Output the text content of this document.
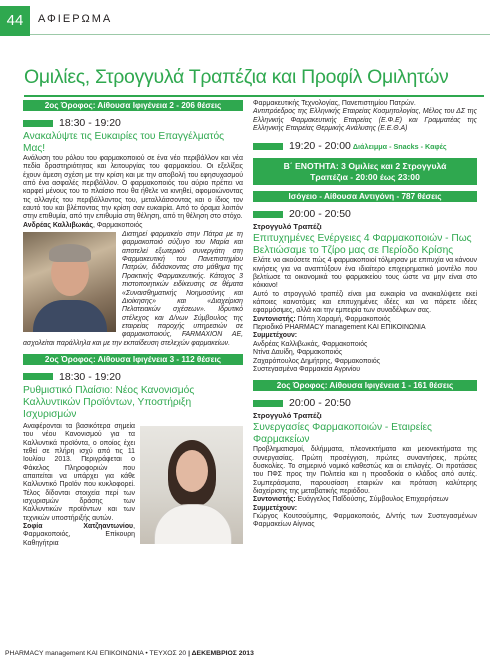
44	ΑΦΙΕΡΩΜΑ
Ομιλίες, Στρογγυλά Τραπέζια και Προφίλ Ομιλητών
2ος Όροφος: Αίθουσα Ιφιγένεια 2 - 206 θέσεις
18:30 - 19:20
Ανακαλύψτε τις Ευκαιρίες του Επαγγέλματός Μας!
Ανάλυση του ρόλου του φαρμακοποιού σε ένα νέο περιβάλλον και νέα πεδία δραστηριότητας και λειτουργίας του φαρμακείου. Οι εξελίξεις έχουν άμεση σχέση με την κρίση και με την αποβολή του εφησυχασμού από ένα ασφαλές περιβάλλον. Ο φαρμακοποιός του αύριο πρέπει να καρφεί μένους του το πλαίσιο που θα ήθελε να κινηθεί, αφομοιώνοντας τις αλλαγές του περιβάλλοντος του, μεταλλάσσοντας και ο ίδιος τον εαυτό του και βλέποντας την κρίση σαν ευκαιρία. Από το όραμα λοιπόν στην επιθυμία, από την επιθυμία στη θέληση, από τη θέληση στο στόχο.
Ανδρέας Καλλιβωκάς, Φαρμακοποιός
Διατηρεί φαρμακείο στην Πάτρα με τη φαρμακοποιό σύζυγο του Μαρία και αποτελεί εξωτερικό συνεργάτη στη Φαρμακευτική του Πανεπιστημίου Πατρών, διδάσκοντας στο μάθημα της Πρακτικής Φαρμακευτικής. Κάτοχος 3 πιστοποιητικών ειδίκευσης σε θέματα «Συναισθηματικής Νοημοσύνης και Διοίκησης» και «Διαχείριση Πελατειακών σχέσεων». Ιδρυτικό στέλεχος και Δ/νων Σύμβουλος της εταιρείας παροχής υπηρεσιών σε φαρμακοποιούς, FARMAXION AE, ασχολείται παράλληλα και με την εκπαίδευση στελεχών φαρμακείων.
2ος Όροφος: Αίθουσα Ιφιγένεια 3 - 112 θέσεις
18:30 - 19:20
Ρυθμιστικό Πλαίσιο: Νέος Κανονισμός Καλλυντικών Προϊόντων, Υποστήριξη Ισχυρισμών
Αναφέρονται τα βασικότερα σημεία του νέου Κανονισμού για τα Καλλυντικά προϊόντα, ο οποίος έχει τεθεί σε πλήρη ισχύ από τις 11 Ιουλίου 2013. Περιγράφεται ο Φάκελος Πληροφοριών που απαιτείται να υπάρχει για κάθε Καλλυντικό Προϊόν που κυκλοφορεί. Τέλος δίδονται στοιχεία περί των ισχυρισμών δράσης των Καλλυντικών προϊόντων και των τεχνικών υποστήριξής αυτών.
Σοφία Χατζηαντωνίου, Φαρμακοποιός, Επίκουρη Καθηγήτρια
Φαρμακευτικής Τεχνολογίας, Πανεπιστημίου Πατρών.
Αντιπρόεδρος της Ελληνικής Εταιρείας Κοσμητολογίας, Μέλος του ΔΣ της Ελληνικής Φαρμακευτικής Εταιρείας (Ε.Φ.Ε) και Γραμματέας της Ελληνικής Εταιρείας Θερμικής Ανάλυσης (Ε.Ε.Θ.Α)
19:20 - 20:00 Διάλειμμα - Snacks - Καφές
Β΄ ΕΝΟΤΗΤΑ: 3 Ομιλίες και 2 Στρογγυλά
Τραπέζια - 20:00 έως 23:00
Ισόγειο - Αίθουσα Αντιγόνη - 787 θέσεις
20:00 - 20:50
Στρογγυλό Τραπέζι
Επιτυχημένες Ενέργειες 4 Φαρμακοποιών - Πως Βελτιώσαμε το Τζίρο μας σε Περίοδο Κρίσης
Ελάτε να ακούσετε πώς 4 φαρμακοποιοί τόλμησαν με επιτυχία να κάνουν κινήσεις για να αναπτύξουν ένα ιδιαίτερο επιχειρηματικό μοντέλο που βελτίωσε τα οικονομικά του φαρμακείου τους ώστε να μην είναι στο κόκκινο!
Αυτό το στρογγυλό τραπέζι είναι μια ευκαιρία να ανακαλύψετε εκεί κάποιες καινοτόμες και επιτυχημένες ιδέες και να πάρετε ιδέες εφαρμόσιμες, αλλά και την εμπειρία των συναδέλφων σας.
Συντονιστής: Πόπη Χαραμή, Φαρμακοποιός
Περιοδικό PHARMACY management ΚΑΙ ΕΠΙΚΟΙΝΩΝΙΑ
Συμμετέχουν:
Ανδρέας Καλλιβωκάς, Φαρμακοποιός
Ντίνα Δαυίδη, Φαρμακοποιός
Ζαχαρόπουλος Δημήτρης, Φαρμακοποιός
Συστεγασμένα Φαρμακεία Αγρινίου
2ος Όροφος: Αίθουσα Ιφιγένεια 1 - 161 θέσεις
20:00 - 20:50
Στρογγυλό Τραπέζι
Συνεργασίες Φαρμακοποιών - Εταιρείες Φαρμακείων
Προβληματισμοί, διλήμματα, πλεονεκτήματα και μειονεκτήματα της συνεργασίας. Πρώτη προσέγγιση, πρώτες συναντήσεις, πρώτες δυσκολίες. Το σημερινό νομικό καθεστώς και οι επιλογές. Οι προτάσεις του ΠΦΣ προς την Πολιτεία και η προσδοκία ο κλάδος από αυτές. Συμπεράσματα, παρουσίαση εταιριών και πρόταση καλύτερης διαχείρισης της μεταβατικής περιόδου.
Συντονιστής: Ευάγγελος Παΐδούσης, Σύμβουλος Επιχειρήσεων
Συμμετέχουν:
Γιώργος Κουτσούμπης, Φαρμακοποιός, Δ/ντής των Συστεγασμένων Φαρμακείων Αίγινας
PHARMACY management ΚΑΙ ΕΠΙΚΟΙΝΩΝΙΑ • ΤΕΥΧΟΣ 20 | ΔΕΚΕΜΒΡΙΟΣ 2013
